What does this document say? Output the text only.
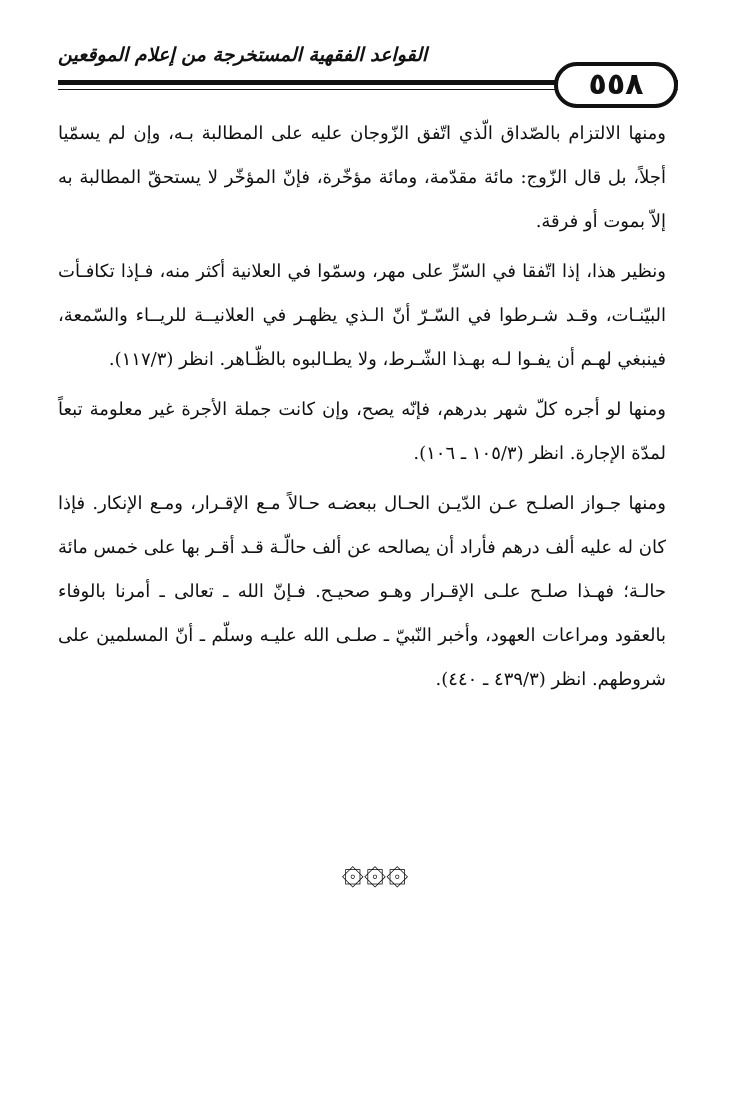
القواعد الفقهية المستخرجة من إعلام الموقعين
٥٥٨

ومنها الالتزام بالصّداق الّذي اتّفق الزّوجان عليه على المطالبة بـه، وإن لم يسمّيا أجلاً، بل قال الزّوج: مائة مقدّمة، ومائة مؤخّرة، فإنّ المؤخّر لا يستحقّ المطالبة به إلاّ بموت أو فرقة.

ونظير هذا، إذا اتّفقا في السّرِّ على مهر، وسمّوا في العلانية أكثر منه، فـإذا تكافـأت البيّنـات، وقـد شـرطوا في السّـرّ أنّ الـذي يظهـر في العلانيــة للريــاء والسّمعة، فينبغي لهـم أن يفـوا لـه بهـذا الشّـرط، ولا يطـالبوه بالظّـاهر. انظر (١١٧/٣).

ومنها لو أجره كلّ شهر بدرهم، فإنّه يصح، وإن كانت جملة الأجرة غير معلومة تبعاً لمدّة الإجارة. انظر (١٠٥/٣ ـ ١٠٦).

ومنها جـواز الصلـح عـن الدّيـن الحـال ببعضـه حـالاً مـع الإقـرار، ومـع الإنكار. فإذا كان له عليه ألف درهم فأراد أن يصالحه عن ألف حالّـة قـد أقـر بها على خمس مائة حالـة؛ فهـذا صلـح علـى الإقـرار وهـو صحيـح. فـإنّ الله ـ تعالى ـ أمرنا بالوفاء بالعقود ومراعات العهود، وأخبر النّبيّ ـ صلـى الله عليـه وسلّم ـ أنّ المسلمين على شروطهم. انظر (٤٣٩/٣ ـ ٤٤٠).

۞۞۞
